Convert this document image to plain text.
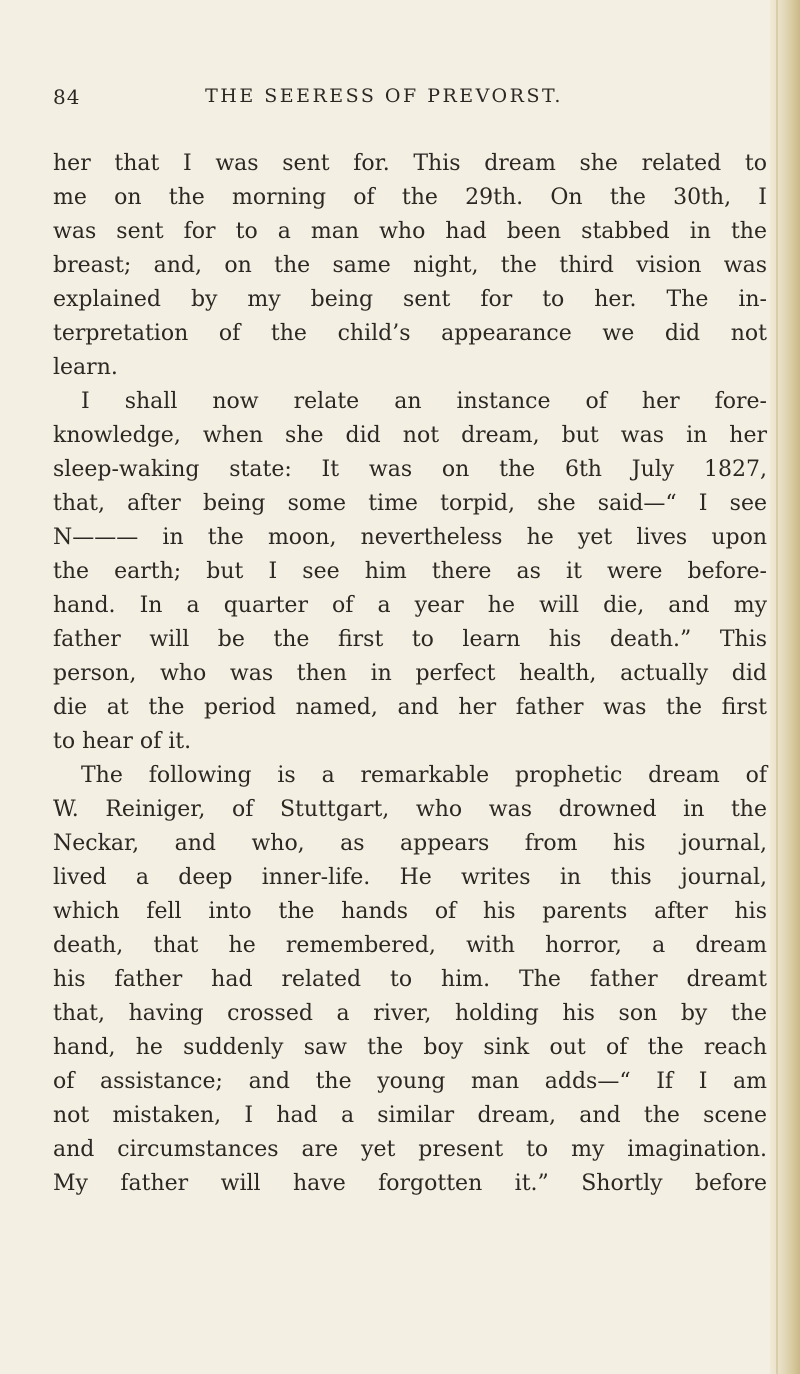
84	THE SEERESS OF PREVORST.
her that I was sent for. This dream she related to
me on the morning of the 29th. On the 30th, I
was sent for to a man who had been stabbed in the
breast; and, on the same night, the third vision was
explained by my being sent for to her. The in-
terpretation of the child’s appearance we did not
learn.
I shall now relate an instance of her fore-
knowledge, when she did not dream, but was in her
sleep-waking state: It was on the 6th July 1827,
that, after being some time torpid, she said—“ I see
N——— in the moon, nevertheless he yet lives upon
the earth; but I see him there as it were before-
hand. In a quarter of a year he will die, and my
father will be the first to learn his death.” This
person, who was then in perfect health, actually did
die at the period named, and her father was the first
to hear of it.
The following is a remarkable prophetic dream of
W. Reiniger, of Stuttgart, who was drowned in the
Neckar, and who, as appears from his journal,
lived a deep inner-life. He writes in this journal,
which fell into the hands of his parents after his
death, that he remembered, with horror, a dream
his father had related to him. The father dreamt
that, having crossed a river, holding his son by the
hand, he suddenly saw the boy sink out of the reach
of assistance; and the young man adds—“ If I am
not mistaken, I had a similar dream, and the scene
and circumstances are yet present to my imagination.
My father will have forgotten it.” Shortly before
